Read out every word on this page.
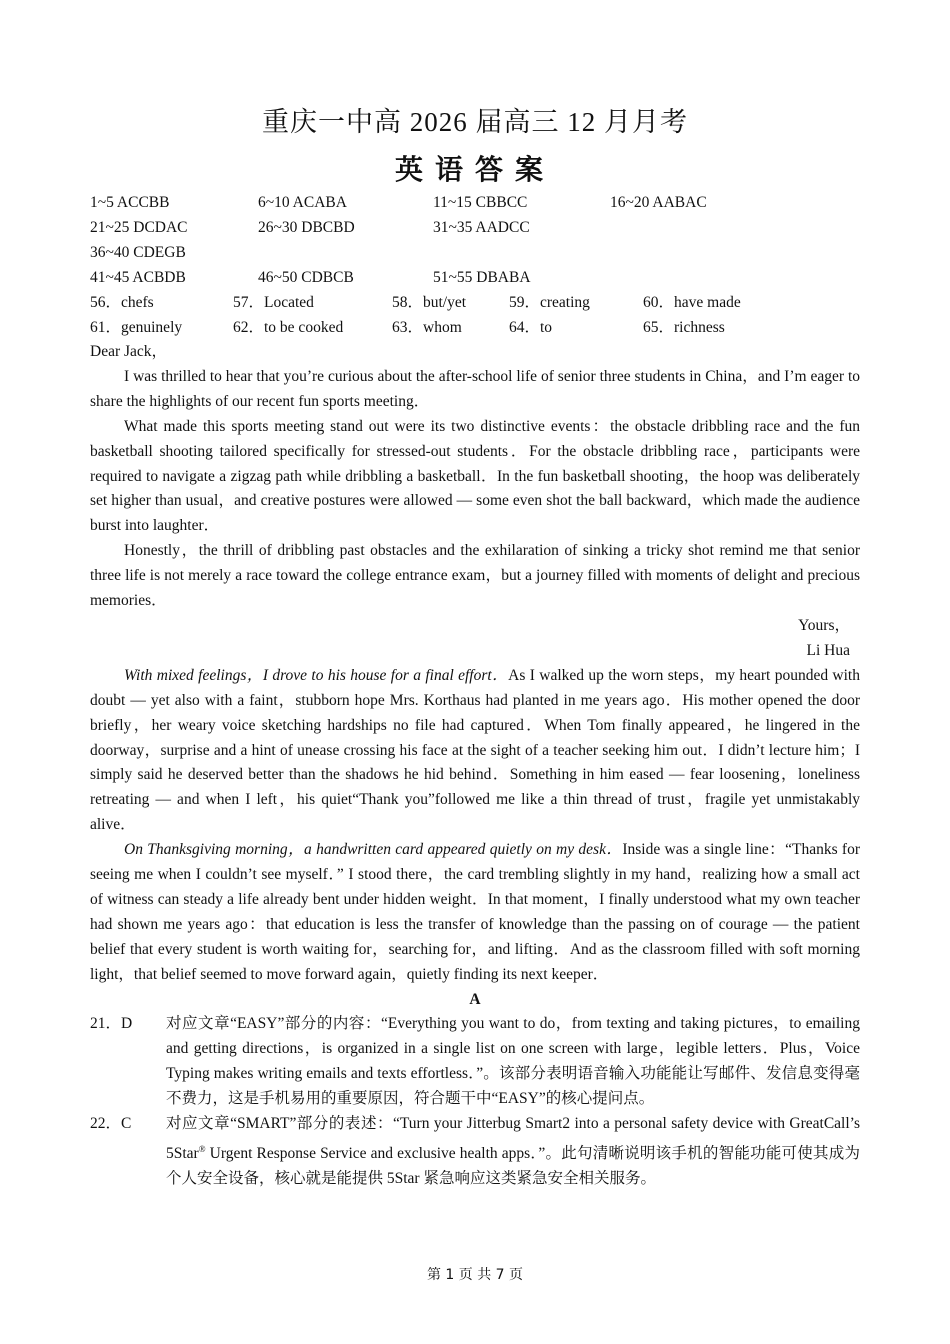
重庆一中高 2026 届高三 12 月月考
英语答案
1~5 ACCBB	6~10 ACABA	11~15 CBBCC	16~20 AABAC
21~25 DCDAC	26~30 DBCBD	31~35 AADCC
36~40 CDEGB
41~45 ACBDB	46~50 CDBCB	51~55 DBABA
56．chefs	57．Located	58．but/yet	59．creating	60．have made
61．genuinely	62．to be cooked	63．whom	64．to	65．richness

Dear Jack，

I was thrilled to hear that you’re curious about the after-school life of senior three students in China，and I’m eager to share the highlights of our recent fun sports meeting．

What made this sports meeting stand out were its two distinctive events：the obstacle dribbling race and the fun basketball shooting tailored specifically for stressed-out students．For the obstacle dribbling race，participants were required to navigate a zigzag path while dribbling a basketball．In the fun basketball shooting，the hoop was deliberately set higher than usual，and creative postures were allowed — some even shot the ball backward，which made the audience burst into laughter．

Honestly，the thrill of dribbling past obstacles and the exhilaration of sinking a tricky shot remind me that senior three life is not merely a race toward the college entrance exam，but a journey filled with moments of delight and precious memories．

Yours，

Li Hua

With mixed feelings，I drove to his house for a final effort．As I walked up the worn steps，my heart pounded with doubt — yet also with a faint，stubborn hope Mrs. Korthaus had planted in me years ago．His mother opened the door briefly，her weary voice sketching hardships no file had captured．When Tom finally appeared，he lingered in the doorway，surprise and a hint of unease crossing his face at the sight of a teacher seeking him out．I didn’t lecture him；I simply said he deserved better than the shadows he hid behind．Something in him eased — fear loosening，loneliness retreating — and when I left，his quiet“Thank you”followed me like a thin thread of trust，fragile yet unmistakably alive．

On Thanksgiving morning，a handwritten card appeared quietly on my desk．Inside was a single line：“Thanks for seeing me when I couldn’t see myself．” I stood there，the card trembling slightly in my hand，realizing how a small act of witness can steady a life already bent under hidden weight．In that moment，I finally understood what my own teacher had shown me years ago：that education is less the transfer of knowledge than the passing on of courage — the patient belief that every student is worth waiting for，searching for，and lifting．And as the classroom filled with soft morning light，that belief seemed to move forward again，quietly finding its next keeper．

A

21．D 对应文章“EASY”部分的内容：“Everything you want to do，from texting and taking pictures，to emailing and getting directions，is organized in a single list on one screen with large，legible letters．Plus，Voice Typing makes writing emails and texts effortless．”。该部分表明语音输入功能能让写邮件、发信息变得毫不费力，这是手机易用的重要原因，符合题干中“EASY”的核心提问点。

22．C 对应文章“SMART”部分的表述：“Turn your Jitterbug Smart2 into a personal safety device with GreatCall’s 5Star® Urgent Response Service and exclusive health apps．”。此句清晰说明该手机的智能功能可使其成为个人安全设备，核心就是能提供 5Star 紧急响应这类紧急安全相关服务。

第 1 页 共 7 页
